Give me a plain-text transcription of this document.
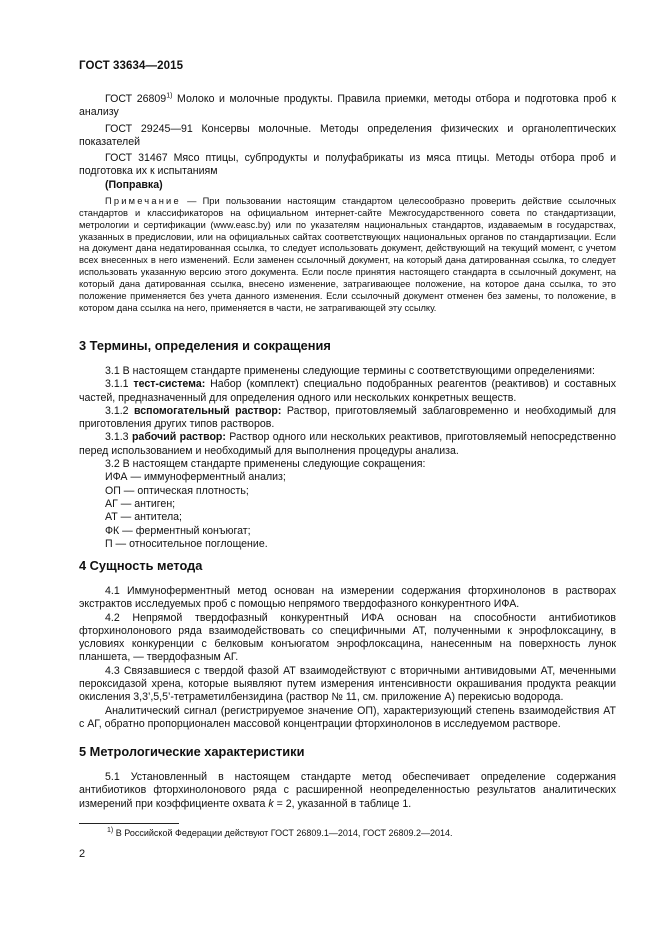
ГОСТ 33634—2015

ГОСТ 26809$^{1)}$ Молоко и молочные продукты. Правила приемки, методы отбора и подготовка проб к анализу

ГОСТ 29245—91 Консервы молочные. Методы определения физических и органолептических показателей

ГОСТ 31467 Мясо птицы, субпродукты и полуфабрикаты из мяса птицы. Методы отбора проб и подготовка их к испытаниям

(Поправка)

Примечание — При пользовании настоящим стандартом целесообразно проверить действие ссылочных стандартов и классификаторов на официальном интернет-сайте Межгосударственного совета по стандартизации, метрологии и сертификации (www.easc.by) или по указателям национальных стандартов, издаваемым в государствах, указанных в предисловии, или на официальных сайтах соответствующих национальных органов по стандартизации. Если на документ дана недатированная ссылка, то следует использовать документ, действующий на текущий момент, с учетом всех внесенных в него изменений. Если заменен ссылочный документ, на который дана датированная ссылка, то следует использовать указанную версию этого документа. Если после принятия настоящего стандарта в ссылочный документ, на который дана датированная ссылка, внесено изменение, затрагивающее положение, на которое дана ссылка, то это положение применяется без учета данного изменения. Если ссылочный документ отменен без замены, то положение, в котором дана ссылка на него, применяется в части, не затрагивающей эту ссылку.

3 Термины, определения и сокращения

3.1 В настоящем стандарте применены следующие термины с соответствующими определениями:

3.1.1 тест-система: Набор (комплект) специально подобранных реагентов (реактивов) и составных частей, предназначенный для определения одного или нескольких конкретных веществ.

3.1.2 вспомогательный раствор: Раствор, приготовляемый заблаговременно и необходимый для приготовления других типов растворов.

3.1.3 рабочий раствор: Раствор одного или нескольких реактивов, приготовляемый непосредственно перед использованием и необходимый для выполнения процедуры анализа.

3.2 В настоящем стандарте применены следующие сокращения:

ИФА — иммуноферментный анализ;

ОП — оптическая плотность;

АГ — антиген;

АТ — антитела;

ФК — ферментный конъюгат;

П — относительное поглощение.

4 Сущность метода

4.1 Иммуноферментный метод основан на измерении содержания фторхинолонов в растворах экстрактов исследуемых проб с помощью непрямого твердофазного конкурентного ИФА.

4.2 Непрямой твердофазный конкурентный ИФА основан на способности антибиотиков фторхинолонового ряда взаимодействовать со специфичными АТ, полученными к энрофлоксацину, в условиях конкуренции с белковым конъюгатом энрофлоксацина, нанесенным на поверхность лунок планшета, — твердофазным АГ.

4.3 Связавшиеся с твердой фазой АТ взаимодействуют с вторичными антивидовыми АТ, меченными пероксидазой хрена, которые выявляют путем измерения интенсивности окрашивания продукта реакции окисления 3,3’,5,5’-тетраметилбензидина (раствор № 11, см. приложение А) перекисью водорода.

Аналитический сигнал (регистрируемое значение ОП), характеризующий степень взаимодействия АТ с АГ, обратно пропорционален массовой концентрации фторхинолонов в исследуемом растворе.

5 Метрологические характеристики

5.1 Установленный в настоящем стандарте метод обеспечивает определение содержания антибиотиков фторхинолонового ряда с расширенной неопределенностью результатов аналитических измерений при коэффициенте охвата k = 2, указанной в таблице 1.

$^{1)}$ В Российской Федерации действуют ГОСТ 26809.1—2014, ГОСТ 26809.2—2014.
2
